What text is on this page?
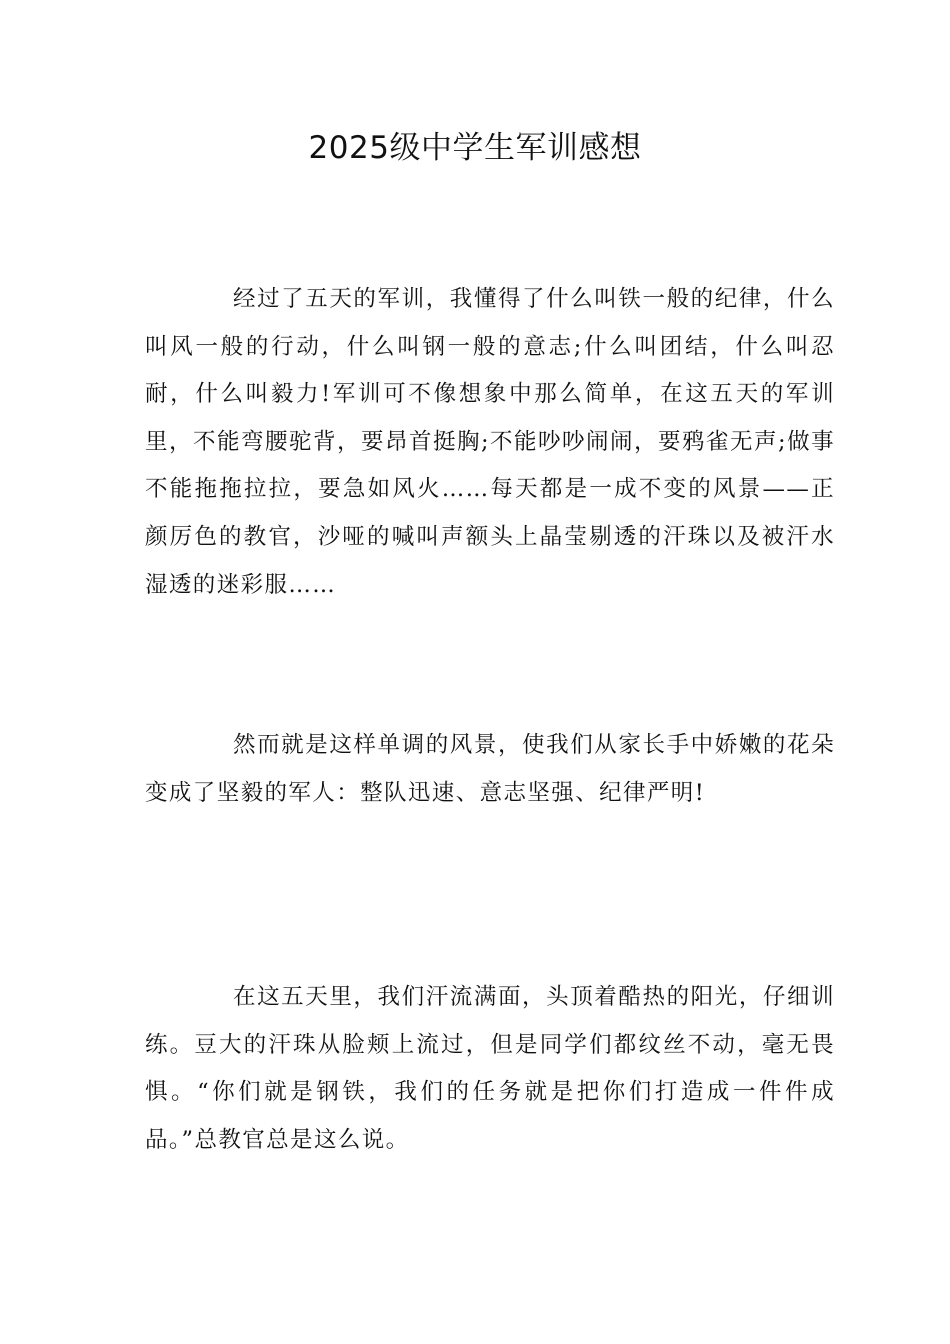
2025级中学生军训感想

经过了五天的军训，我懂得了什么叫铁一般的纪律，什么叫风一般的行动，什么叫钢一般的意志;什么叫团结，什么叫忍耐，什么叫毅力!军训可不像想象中那么简单，在这五天的军训里，不能弯腰驼背，要昂首挺胸;不能吵吵闹闹，要鸦雀无声;做事不能拖拖拉拉，要急如风火……每天都是一成不变的风景——正颜厉色的教官，沙哑的喊叫声额头上晶莹剔透的汗珠以及被汗水湿透的迷彩服……

然而就是这样单调的风景，使我们从家长手中娇嫩的花朵变成了坚毅的军人：整队迅速、意志坚强、纪律严明!

在这五天里，我们汗流满面，头顶着酷热的阳光，仔细训练。豆大的汗珠从脸颊上流过，但是同学们都纹丝不动，毫无畏惧。“你们就是钢铁，我们的任务就是把你们打造成一件件成品。”总教官总是这么说。
